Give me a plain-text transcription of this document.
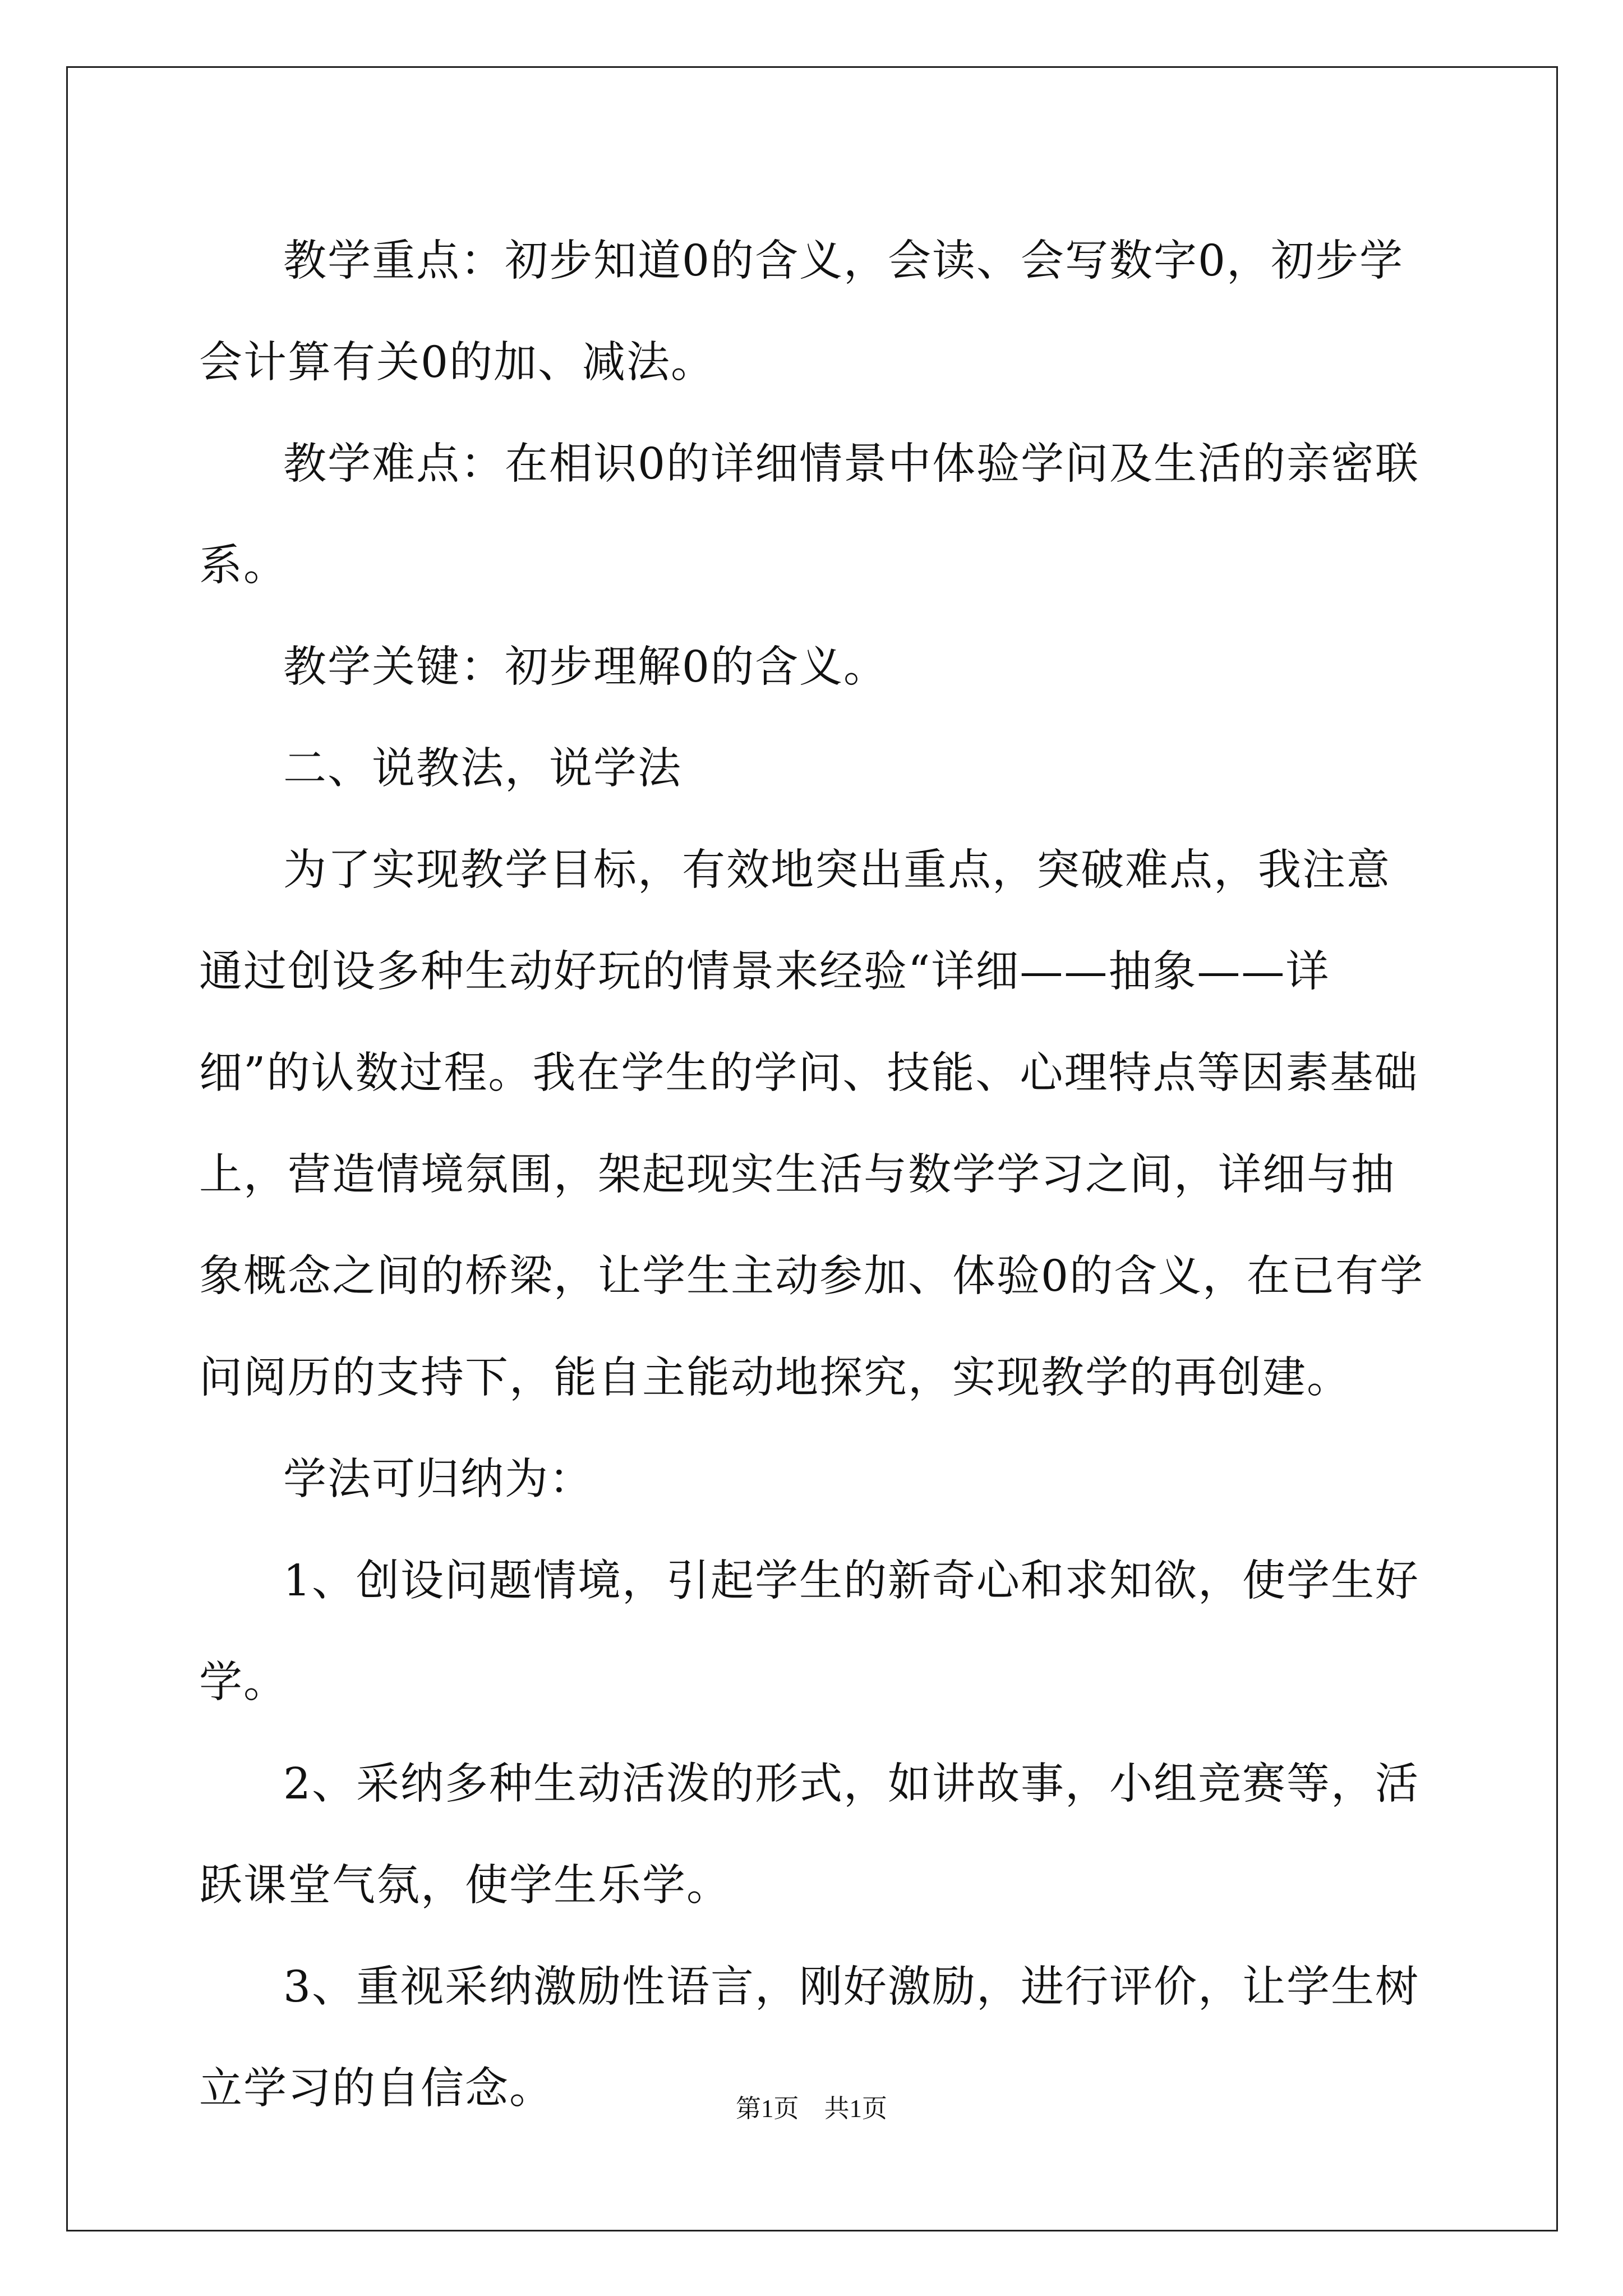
教学重点：初步知道0的含义，会读、会写数字0，初步学会计算有关0的加、减法。

教学难点：在相识0的详细情景中体验学问及生活的亲密联系。

教学关键：初步理解0的含义。

二、说教法，说学法

为了实现教学目标，有效地突出重点，突破难点，我注意通过创设多种生动好玩的情景来经验“详细——抽象——详细”的认数过程。我在学生的学问、技能、心理特点等因素基础上，营造情境氛围，架起现实生活与数学学习之间，详细与抽象概念之间的桥梁，让学生主动参加、体验0的含义，在已有学问阅历的支持下，能自主能动地探究，实现教学的再创建。

学法可归纳为：

1、创设问题情境，引起学生的新奇心和求知欲，使学生好学。

2、采纳多种生动活泼的形式，如讲故事，小组竞赛等，活跃课堂气氛，使学生乐学。

3、重视采纳激励性语言，刚好激励，进行评价，让学生树立学习的自信念。	第1页　共1页
